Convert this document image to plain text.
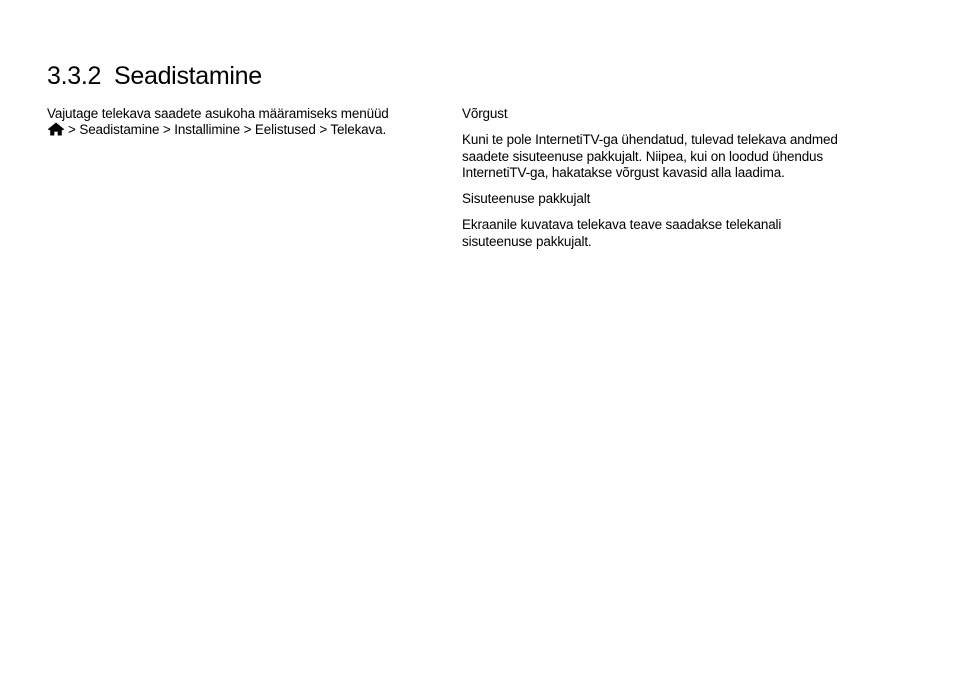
3.3.2 Seadistamine
Vajutage telekava saadete asukoha määramiseks menüüd

> Seadistamine > Installimine > Eelistused > Telekava.
Võrgust
Kuni te pole InternetiTV-ga ühendatud, tulevad telekava andmed saadete sisuteenuse pakkujalt. Niipea, kui on loodud ühendus InternetiTV-ga, hakatakse võrgust kavasid alla laadima.
Sisuteenuse pakkujalt
Ekraanile kuvatava telekava teave saadakse telekanali sisuteenuse pakkujalt.
